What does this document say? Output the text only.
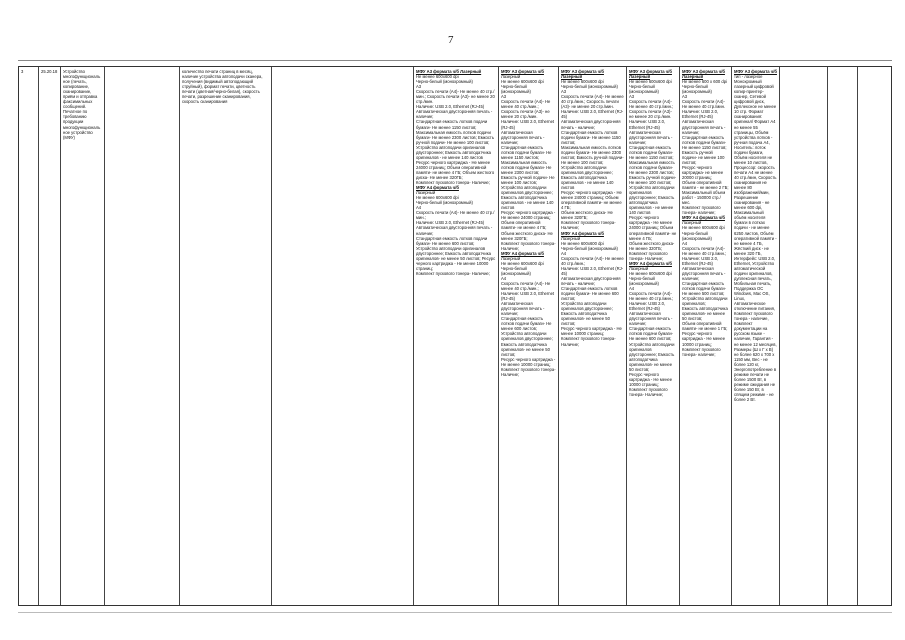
7

3	25.20.18 Устройство многофункциональное (печать, копирование, сканирование, приём и отправка факсимильных сообщений. Печатное по требованию продукции многофункциональное устройство (МФУ)

количество печати страниц в месяц, наличие устройства автоподачи сканера, получения (видимый автоподающий струйный), формат печати, цветность печати (цветная/черно-белая), скорость печати, разрешение сканирования, скорость сканирования

МФУ А3 формата ч/б Лазерный

Не менее 600x600 dpi
Черно-белый (монохромный)
А3
Скорость печати (А4)- Не менее 40 стр./мин.; Скорость печати (А3)- не менее 20 стр./мин.
Наличие: USB 2.0, Ethernet (RJ-45)
Автоматическая двусторонняя печать - наличие;
Стандартная емкость лотков подачи бумаги- Не менее 1150 листов;
Максимальная емкость лотков подачи бумаги- Не менее 2300 листов; Емкость ручной подачи- Не менее 100 листов; Устройство автоподачи оригиналов двустороннее; Емкость автоподатчика оригиналов - не менее 140 листов
Ресурс черного картриджа - Не менее 24000 страниц; Объем оперативной памяти- не менее 4 ГБ; Объем жесткого диска- Не менее 320ГБ;
Комплект пускового тонера- Наличие;

МФУ А4 формата ч/б

Лазерный
Не менее 600x600 dpi
Черно-белый (монохромный)
А4
Скорость печати (А4)- Не менее 40 стр./мин.;
Наличие: USB 2.0, Ethernet (RJ-45)
Автоматическая двусторонняя печать - наличие;
Стандартная емкость лотков подачи бумаги- Не менее 600 листов;
Устройство автоподачи оригиналов двустороннее; Емкость автоподатчика оригиналов- не менее 50 листов; Ресурс черного картриджа - Не менее 10000 страниц;
Комплект пускового тонера- Наличие;

МФУ А3 формата ч/б

Лазерный
Не менее 600x600 dpi
Черно-белый (монохромный)
А3
Скорость печати (А4)- Не менее 40 стр./мин.; Скорость печати (А3)- не менее 20 стр./мин.
Наличие: USB 2.0, Ethernet (RJ-45)
Автоматическая двусторонняя печать - наличие;
Стандартная емкость лотков подачи бумаги- Не менее 1150 листов;
Максимальная емкость лотков подачи бумаги- Не менее 2300 листов; Емкость ручной подачи- Не менее 100 листов;
Устройство автоподачи оригиналов двустороннее; Емкость автоподатчика оригиналов - не менее 140 листов
Ресурс черного картриджа - Не менее 24000 страниц; Объем оперативной памяти- не менее 4 ГБ;
Объем жесткого диска- Не менее 320ГБ;
Комплект пускового тонера- Наличие;

МФУ А4 формата ч/б

Лазерный
Не менее 600x600 dpi
Черно-белый (монохромный)
А4
Скорость печати (А4)- Не менее 40 стр./мин.;
Наличие: USB 2.0, Ethernet (RJ-45)
Автоматическая двусторонняя печать - наличие;
Стандартная емкость лотков подачи бумаги- Не менее 600 листов;
Устройство автоподачи оригиналов двустороннее; Емкость автоподатчика оригиналов- не менее 50 листов;
Ресурс черного картриджа - Не менее 10000 страниц;
Комплект пускового тонера- Наличие;

МФУ А3 формата ч/б Лазерный

Не менее 600x600 dpi
Черно-белый (монохромный)
А3
Скорость печати (А4)- Не менее 40 стр./мин.; Скорость печати (А3)- не менее 20 стр./мин.
Наличие: USB 2.0, Ethernet (RJ-45)
Автоматическая двусторонняя печать - наличие;
Стандартная емкость лотков подачи бумаги- Не менее 1150 листов;
Максимальная емкость лотков подачи бумаги- Не менее 2300 листов; Емкость ручной подачи- Не менее 100 листов;
Устройство автоподачи оригиналов двустороннее; Емкость автоподатчика оригиналов - не менее 140 листов
Ресурс черного картриджа - Не менее 24000 страниц; Объем оперативной памяти- не менее 4 ГБ;
Объем жесткого диска- Не менее 320ГБ;
Комплект пускового тонера- Наличие;

МФУ А4 формата ч/б

Лазерный
Не менее 600x600 dpi
Черно-белый (монохромный)
А4
Скорость печати (А4)- Не менее 40 стр./мин.;
Наличие: USB 2.0, Ethernet (RJ-45)
Автоматическая двусторонняя печать - наличие;
Стандартная емкость лотков подачи бумаги- Не менее 600 листов;
Устройство автоподачи оригиналов двустороннее; Емкость автоподатчика оригиналов- не менее 50 листов;
Ресурс черного картриджа - Не менее 10000 страниц;
Комплект пускового тонера- Наличие;

МФУ А3 формата ч/б Лазерный

Не менее 600x600 dpi
Черно-белый (монохромный)
А3
Скорость печати (А4)- Не менее 40 стр./мин.; Скорость печати (А3)- не менее 20 стр./мин.
Наличие: USB 2.0, Ethernet (RJ-45)
Автоматическая двусторонняя печать - наличие;
Стандартная емкость лотков подачи бумаги- Не менее 1150 листов;
Максимальная емкость лотков подачи бумаги- Не менее 2300 листов; Емкость ручной подачи- Не менее 100 листов;
Устройство автоподачи оригиналов двустороннее; Емкость автоподатчика оригиналов - не менее 140 листов
Ресурс черного картриджа - Не менее 24000 страниц; Объем оперативной памяти- не менее 4 ГБ;
Объем жесткого диска- Не менее 320ГБ;
Комплект пускового тонера- Наличие;

МФУ А4 формата ч/б

Лазерный
Не менее 600x600 dpi
Черно-белый (монохромный)
А4
Скорость печати (А4)- Не менее 40 стр./мин.;
Наличие: USB 2.0, Ethernet (RJ-45)
Автоматическая двусторонняя печать - наличие;
Стандартная емкость лотков подачи бумаги- Не менее 600 листов;
Устройство автоподачи оригиналов двустороннее; Емкость автоподатчика оригиналов- не менее 50 листов;
Ресурс черного картриджа - Не менее 10000 страниц;
Комплект пускового тонера- Наличие;

МФУ А3 формата ч/б Лазерный

Не менее 600 x 600 dpi
Черно-белый (монохромный)
А3
Скорость печати (А4)- Не менее 40 стр./мин.
Наличие: USB 2.0, Ethernet (RJ-45)
Автоматическая двусторонняя печать - наличие;
Стандартная емкость лотков подачи бумаги- Не менее 1150 листов;
Емкость ручной подачи- не менее 100 листов;
Ресурс черного картриджа- не менее 20000 страниц;
Объем оперативной памяти - не менее 2 ГБ;
Максимальный объем работ - 150000 стр./мес.
Комплект пускового тонера- наличие;

МФУ А4 формата ч/б

Лазерный
Не менее 600x600 dpi
Черно-белый (монохромный)
А4
Скорость печати (А4)- Не менее 40 стр./мин.;
Наличие: USB 2.0, Ethernet (RJ-45)
Автоматическая двусторонняя печать - наличие;
Стандартная емкость лотков подачи бумаги- Не менее 500 листов;
Устройство автоподачи оригиналов;
Емкость автоподатчика оригиналов- не менее 50 листов;
Объем оперативной памяти- не менее 1 ГБ;
Ресурс черного картриджа - Не менее 10000 страниц;
Комплект пускового тонера- наличие;

МФУ А3 формата ч/б

тип - лазерное Монохромный лазерный цифровой копир-принтер-сканер, Сетевой цифровой диск, Дуплексное не менее 10 стр. Формат сканирования: оригинал/ Формат А4 не менее 55 страницы, Объём устройства лотков - ручная подача А4, Носитель: лоток подачи бумаги, Объём носителя не менее 10 листов, Процессор: скорость печати А4 не менее 40 стр./мин, Скорость сканирования не менее 80 изображений/мин, Разрешение сканирования - не менее 600 dpi, Максимальный объём носителя бумаги в лотках подачи - не менее 6250 листов, Объём оперативной памяти - не менее 4 ГБ, Жёсткий диск - не менее 320 ГБ, Интерфейс: USB 2.0, Ethernet, Устройство автоматической подачи оригиналов, дуплексная печать, Мобильная печать, Поддержка ОС Windows, Mac OS, Linux, Автоматическое отключение питания, Комплект пускового тонера - наличие, Комплект документации на русском языке - наличие, Гарантия - не менее 12 месяцев, Размеры (Ш x Г x В) не более 620 x 700 x 1150 мм, Вес - не более 120 кг, Энергопотребление в режиме печати не более 1500 Вт, в режиме ожидания не более 150 Вт, в спящем режиме - не более 2 Вт.
